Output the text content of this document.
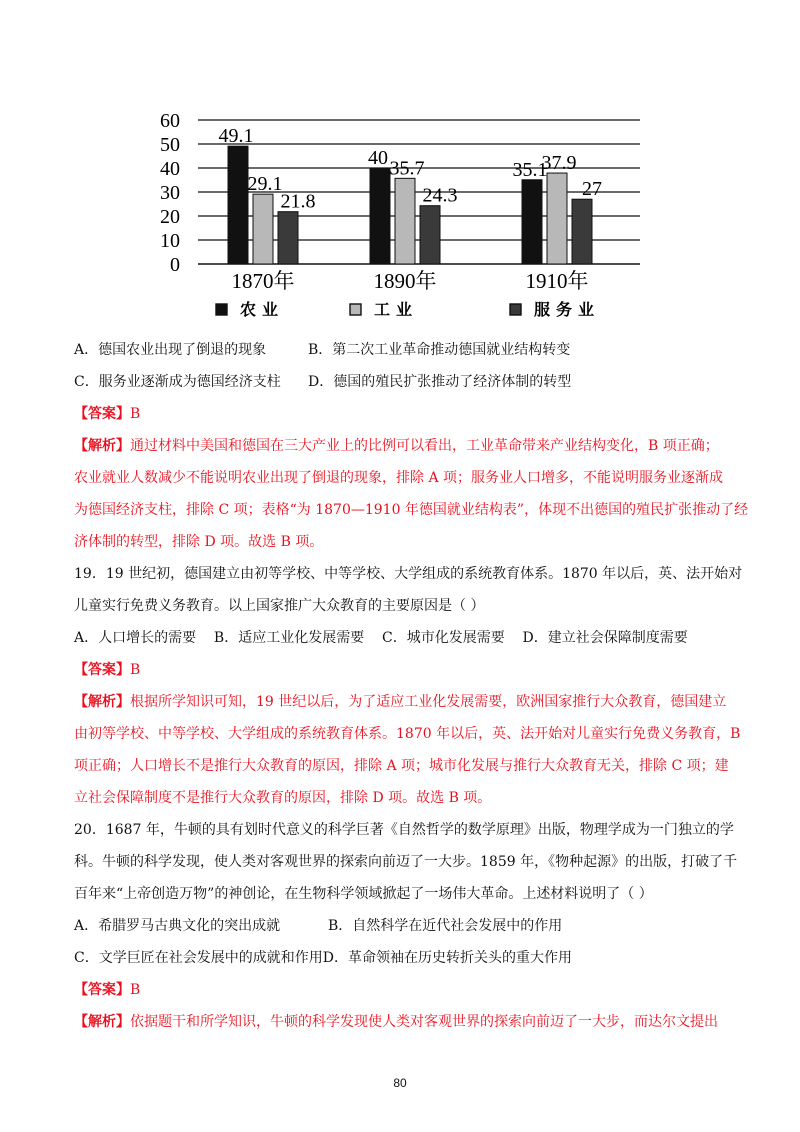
0
10
20
30
40
50
60
49.1
29.1
21.8
40 35.7
24.3
35.1
37.9
27
1870年	1890年	1910年
农业	工业	服务业
A．德国农业出现了倒退的现象	B．第二次工业革命推动德国就业结构转变
C．服务业逐渐成为德国经济支柱 D．德国的殖民扩张推动了经济体制的转型
【答案】B
【解析】通过材料中美国和德国在三大产业上的比例可以看出，工业革命带来产业结构变化，B 项正确；
农业就业人数减少不能说明农业出现了倒退的现象，排除 A 项；服务业人口增多，不能说明服务业逐渐成
为德国经济支柱，排除 C 项；表格“为 1870—1910 年德国就业结构表”，体现不出德国的殖民扩张推动了经
济体制的转型，排除 D 项。故选 B 项。
19．19 世纪初，德国建立由初等学校、中等学校、大学组成的系统教育体系。1870 年以后，英、法开始对
儿童实行免费义务教育。以上国家推广大众教育的主要原因是（ ）
A．人口增长的需要    B．适应工业化发展需要    C．城市化发展需要    D．建立社会保障制度需要
【答案】B
【解析】根据所学知识可知，19 世纪以后，为了适应工业化发展需要，欧洲国家推行大众教育，德国建立
由初等学校、中等学校、大学组成的系统教育体系。1870 年以后，英、法开始对儿童实行免费义务教育，B
项正确；人口增长不是推行大众教育的原因，排除 A 项；城市化发展与推行大众教育无关，排除 C 项；建
立社会保障制度不是推行大众教育的原因，排除 D 项。故选 B 项。
20．1687 年，牛顿的具有划时代意义的科学巨著《自然哲学的数学原理》出版，物理学成为一门独立的学
科。牛顿的科学发现，使人类对客观世界的探索向前迈了一大步。1859 年，《物种起源》的出版，打破了千
百年来“上帝创造万物”的神创论，在生物科学领域掀起了一场伟大革命。上述材料说明了（ ）
A．希腊罗马古典文化的突出成就	B．自然科学在近代社会发展中的作用
C．文学巨匠在社会发展中的成就和作用D．革命领袖在历史转折关头的重大作用
【答案】B
【解析】依据题干和所学知识，牛顿的科学发现使人类对客观世界的探索向前迈了一大步，而达尔文提出
80
